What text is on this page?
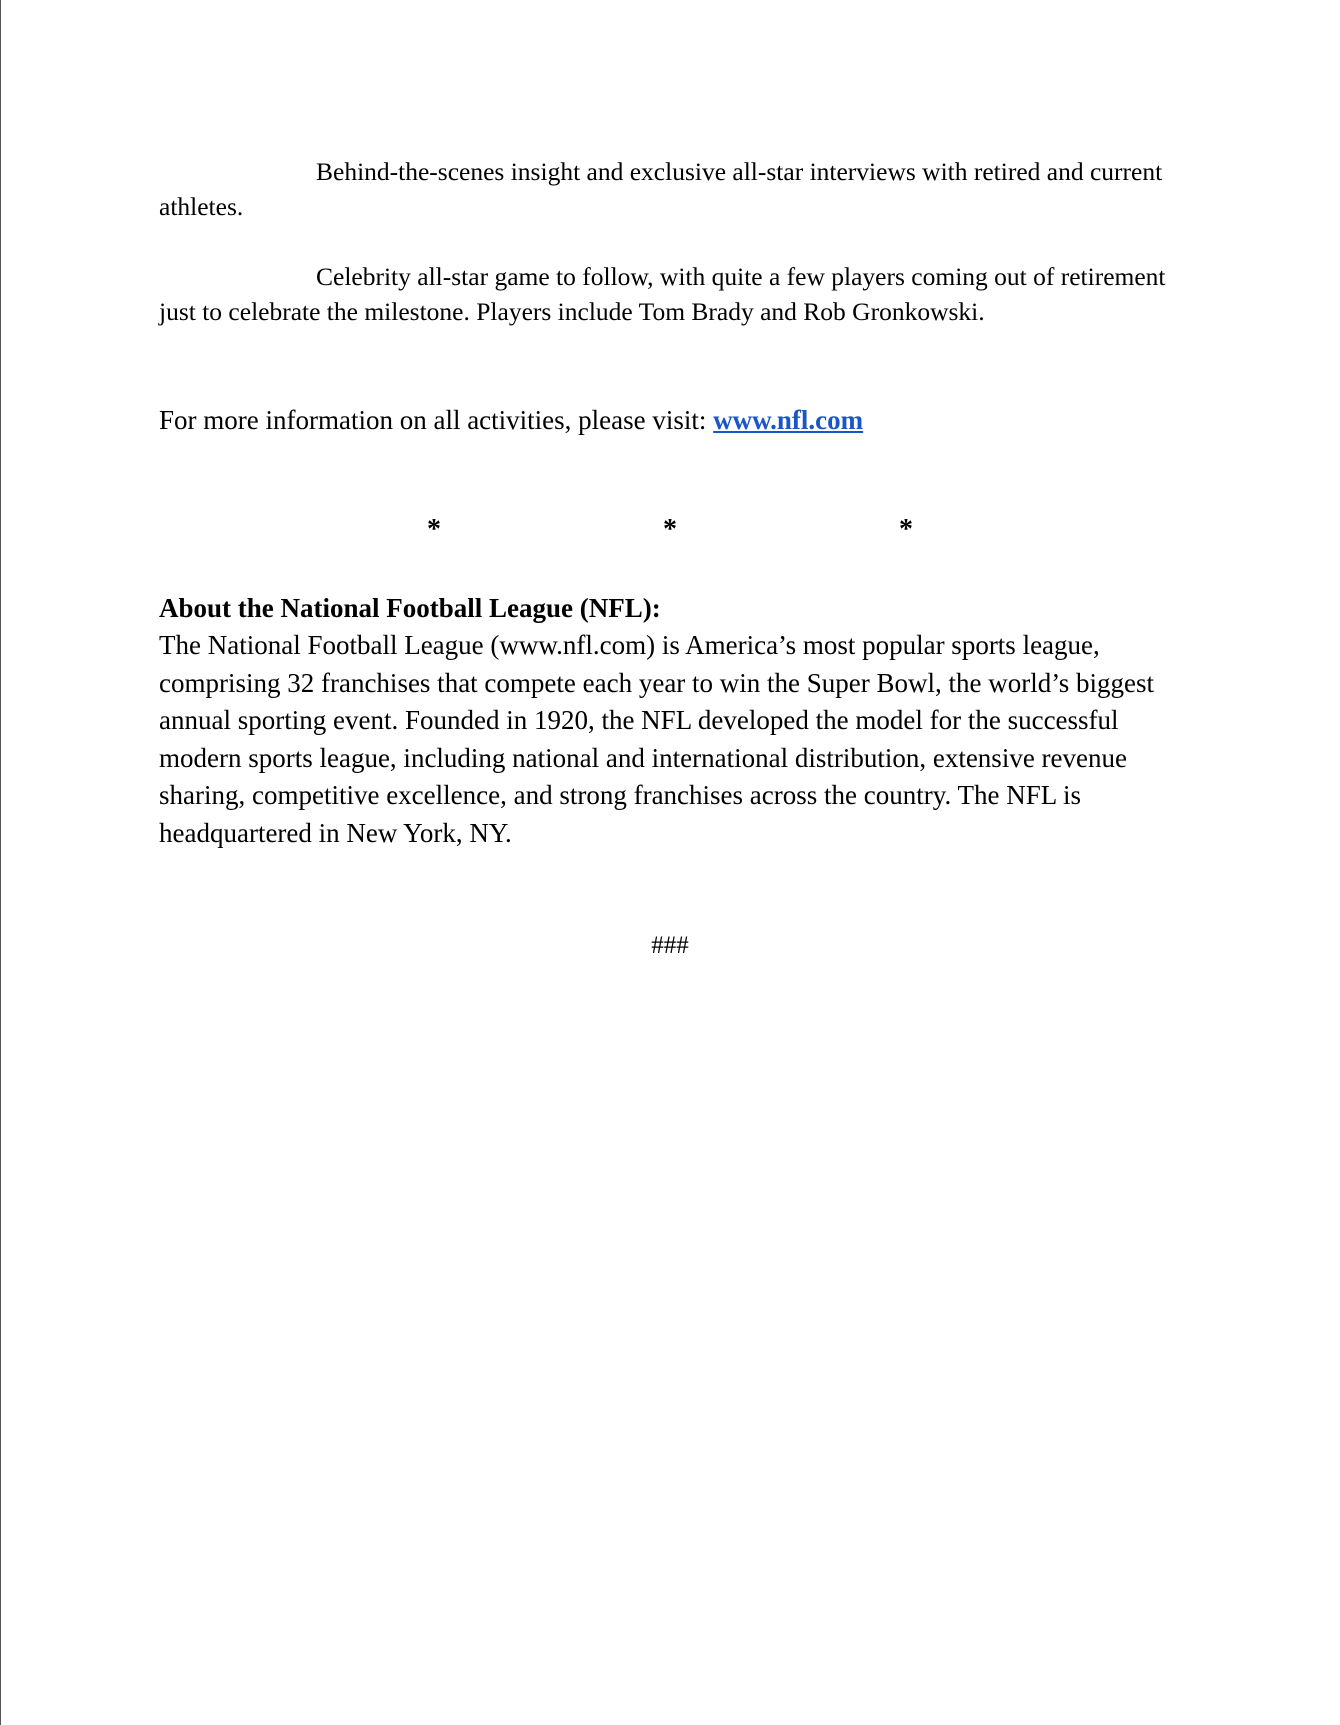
Behind-the-scenes insight and exclusive all-star interviews with retired and current athletes.

Celebrity all-star game to follow, with quite a few players coming out of retirement just to celebrate the milestone. Players include Tom Brady and Rob Gronkowski.

For more information on all activities, please visit: www.nfl.com
*	*	*
About the National Football League (NFL):

The National Football League (www.nfl.com) is America’s most popular sports league, comprising 32 franchises that compete each year to win the Super Bowl, the world’s biggest annual sporting event. Founded in 1920, the NFL developed the model for the successful modern sports league, including national and international distribution, extensive revenue sharing, competitive excellence, and strong franchises across the country. The NFL is headquartered in New York, NY.

###
